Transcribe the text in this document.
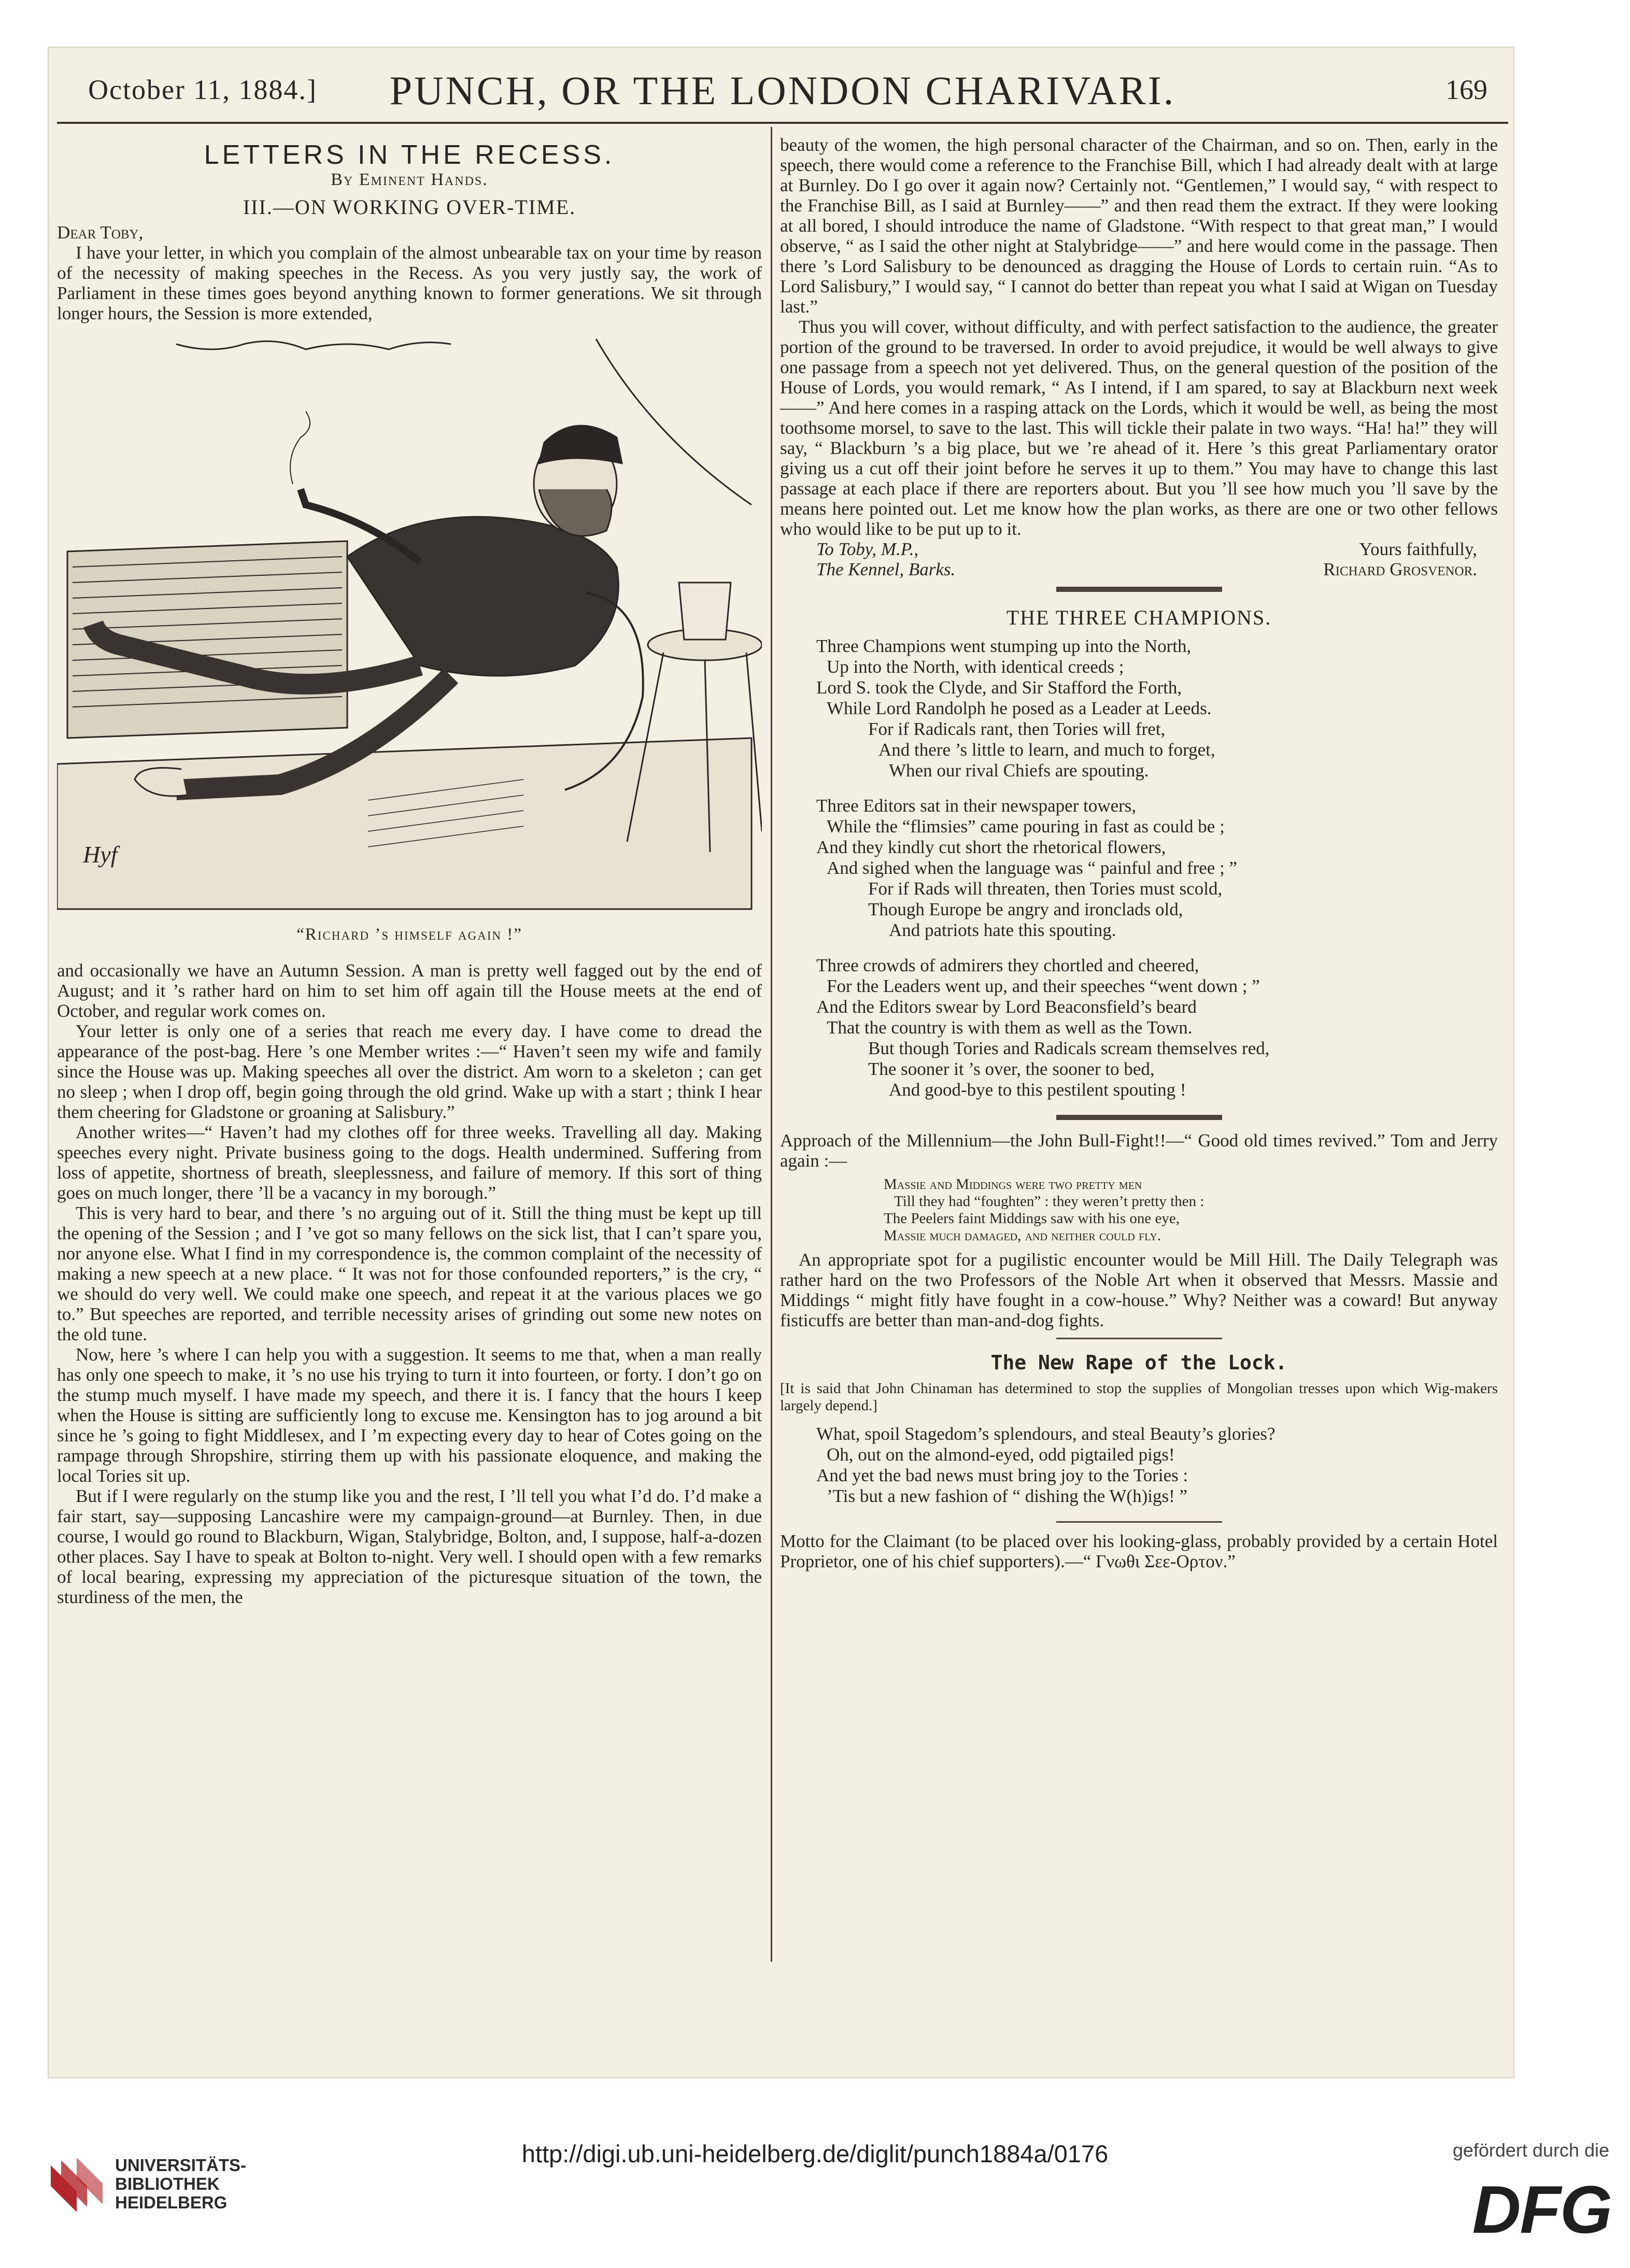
October 11, 1884.]	PUNCH, OR THE LONDON CHARIVARI.	169
LETTERS IN THE RECESS.
By Eminent Hands.
III.—ON WORKING OVER-TIME.

Dear Toby,

I have your letter, in which you complain of the almost unbearable tax on your time by reason of the necessity of making speeches in the Recess. As you very justly say, the work of Parliament in these times goes beyond anything known to former generations. We sit through longer hours, the Session is more extended,

Hyf
“Richard ’s himself again !”

and occasionally we have an Autumn Session. A man is pretty well fagged out by the end of August; and it ’s rather hard on him to set him off again till the House meets at the end of October, and regular work comes on.

Your letter is only one of a series that reach me every day. I have come to dread the appearance of the post-bag. Here ’s one Member writes :—“ Haven’t seen my wife and family since the House was up. Making speeches all over the district. Am worn to a skeleton ; can get no sleep ; when I drop off, begin going through the old grind. Wake up with a start ; think I hear them cheering for Gladstone or groaning at Salisbury.”

Another writes—“ Haven’t had my clothes off for three weeks. Travelling all day. Making speeches every night. Private business going to the dogs. Health undermined. Suffering from loss of appetite, shortness of breath, sleeplessness, and failure of memory. If this sort of thing goes on much longer, there ’ll be a vacancy in my borough.”

This is very hard to bear, and there ’s no arguing out of it. Still the thing must be kept up till the opening of the Session ; and I ’ve got so many fellows on the sick list, that I can’t spare you, nor anyone else. What I find in my correspondence is, the common complaint of the necessity of making a new speech at a new place. “ It was not for those confounded reporters,” is the cry, “ we should do very well. We could make one speech, and repeat it at the various places we go to.” But speeches are reported, and terrible necessity arises of grinding out some new notes on the old tune.

Now, here ’s where I can help you with a suggestion. It seems to me that, when a man really has only one speech to make, it ’s no use his trying to turn it into fourteen, or forty. I don’t go on the stump much myself. I have made my speech, and there it is. I fancy that the hours I keep when the House is sitting are sufficiently long to excuse me. Kensington has to jog around a bit since he ’s going to fight Middlesex, and I ’m expecting every day to hear of Cotes going on the rampage through Shropshire, stirring them up with his passionate eloquence, and making the local Tories sit up.

But if I were regularly on the stump like you and the rest, I ’ll tell you what I’d do. I’d make a fair start, say—supposing Lancashire were my campaign-ground—at Burnley. Then, in due course, I would go round to Blackburn, Wigan, Stalybridge, Bolton, and, I suppose, half-a-dozen other places. Say I have to speak at Bolton to-night. Very well. I should open with a few remarks of local bearing, expressing my appreciation of the picturesque situation of the town, the sturdiness of the men, the

beauty of the women, the high personal character of the Chairman, and so on. Then, early in the speech, there would come a reference to the Franchise Bill, which I had already dealt with at large at Burnley. Do I go over it again now? Certainly not. “Gentlemen,” I would say, “ with respect to the Franchise Bill, as I said at Burnley——” and then read them the extract. If they were looking at all bored, I should introduce the name of Gladstone. “With respect to that great man,” I would observe, “ as I said the other night at Stalybridge——” and here would come in the passage. Then there ’s Lord Salisbury to be denounced as dragging the House of Lords to certain ruin. “As to Lord Salisbury,” I would say, “ I cannot do better than repeat you what I said at Wigan on Tuesday last.”

Thus you will cover, without difficulty, and with perfect satisfaction to the audience, the greater portion of the ground to be traversed. In order to avoid prejudice, it would be well always to give one passage from a speech not yet delivered. Thus, on the general question of the position of the House of Lords, you would remark, “ As I intend, if I am spared, to say at Blackburn next week——” And here comes in a rasping attack on the Lords, which it would be well, as being the most toothsome morsel, to save to the last. This will tickle their palate in two ways. “Ha! ha!” they will say, “ Blackburn ’s a big place, but we ’re ahead of it. Here ’s this great Parliamentary orator giving us a cut off their joint before he serves it up to them.” You may have to change this last passage at each place if there are reporters about. But you ’ll see how much you ’ll save by the means here pointed out. Let me know how the plan works, as there are one or two other fellows who would like to be put up to it.

To Toby, M.P.,	Yours faithfully,
The Kennel, Barks.	Richard Grosvenor.
THE THREE CHAMPIONS.
Three Champions went stumping up into the North,
Up into the North, with identical creeds ;
Lord S. took the Clyde, and Sir Stafford the Forth,
While Lord Randolph he posed as a Leader at Leeds.
For if Radicals rant, then Tories will fret,
And there ’s little to learn, and much to forget,
When our rival Chiefs are spouting.
Three Editors sat in their newspaper towers,
While the “flimsies” came pouring in fast as could be ;
And they kindly cut short the rhetorical flowers,
And sighed when the language was “ painful and free ; ”
For if Rads will threaten, then Tories must scold,
Though Europe be angry and ironclads old,
And patriots hate this spouting.
Three crowds of admirers they chortled and cheered,
For the Leaders went up, and their speeches “went down ; ”
And the Editors swear by Lord Beaconsfield’s beard
That the country is with them as well as the Town.
But though Tories and Radicals scream themselves red,
The sooner it ’s over, the sooner to bed,
And good-bye to this pestilent spouting !

Approach of the Millennium—the John Bull-Fight!!—“ Good old times revived.” Tom and Jerry again :—

Massie and Middings were two pretty men
Till they had “foughten” : they weren’t pretty then :
The Peelers faint Middings saw with his one eye,
Massie much damaged, and neither could fly.

An appropriate spot for a pugilistic encounter would be Mill Hill. The Daily Telegraph was rather hard on the two Professors of the Noble Art when it observed that Messrs. Massie and Middings “ might fitly have fought in a cow-house.” Why? Neither was a coward! But anyway fisticuffs are better than man-and-dog fights.

The New Rape of the Lock.

[It is said that John Chinaman has determined to stop the supplies of Mongolian tresses upon which Wig-makers largely depend.]

What, spoil Stagedom’s splendours, and steal Beauty’s glories?
Oh, out on the almond-eyed, odd pigtailed pigs!
And yet the bad news must bring joy to the Tories :
’Tis but a new fashion of “ dishing the W(h)igs! ”

Motto for the Claimant (to be placed over his looking-glass, probably provided by a certain Hotel Proprietor, one of his chief supporters).—“ Γνωθι Σεε-Ορτον.”

UNIVERSITÄTS-
BIBLIOTHEK
HEIDELBERG
http://digi.ub.uni-heidelberg.de/diglit/punch1884a/0176	gefördert durch die
DFG
